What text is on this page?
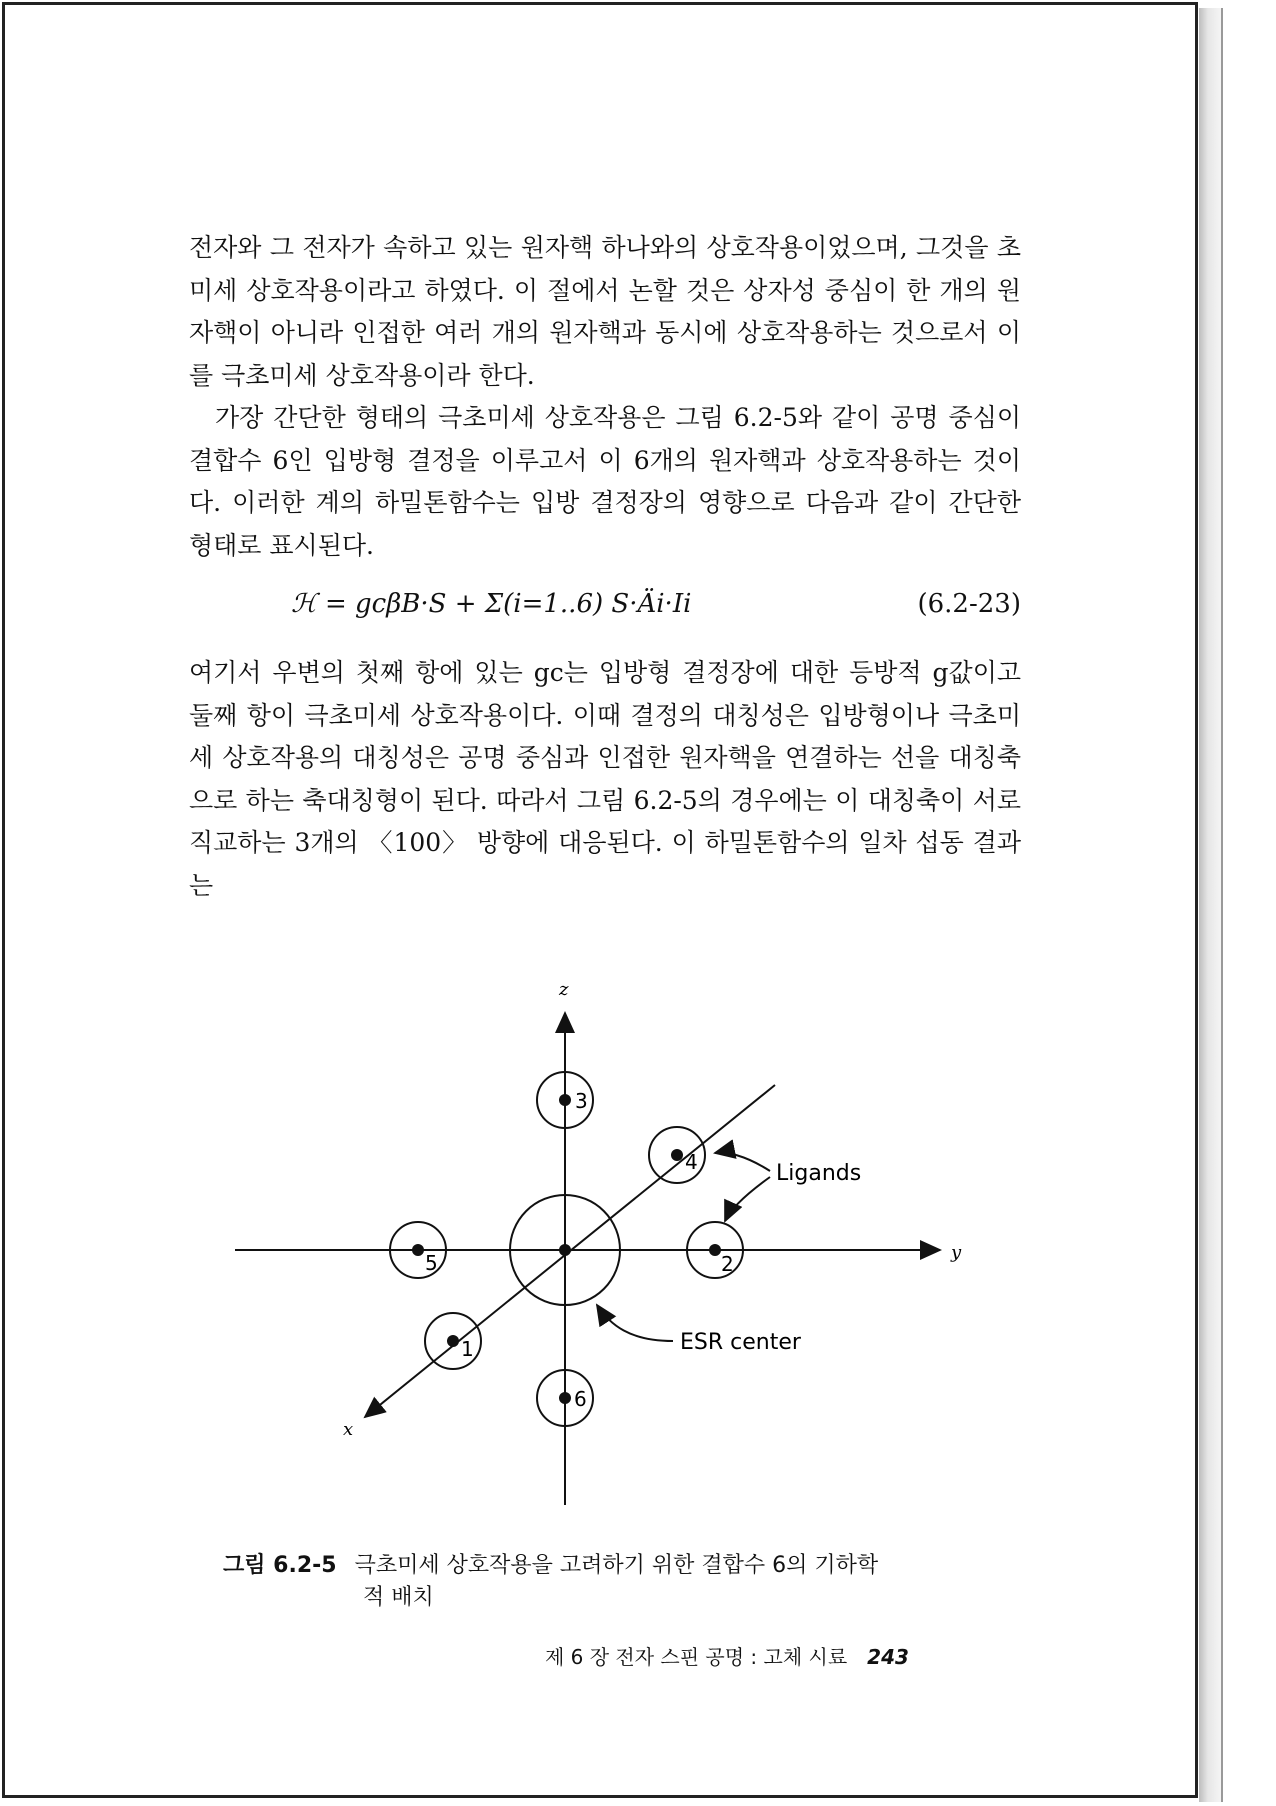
전자와 그 전자가 속하고 있는 원자핵 하나와의 상호작용이었으며, 그것을 초미세 상호작용이라고 하였다. 이 절에서 논할 것은 상자성 중심이 한 개의 원자핵이 아니라 인접한 여러 개의 원자핵과 동시에 상호작용하는 것으로서 이를 극초미세 상호작용이라 한다.

가장 간단한 형태의 극초미세 상호작용은 그림 6.2-5와 같이 공명 중심이 결합수 6인 입방형 결정을 이루고서 이 6개의 원자핵과 상호작용하는 것이다. 이러한 계의 하밀톤함수는 입방 결정장의 영향으로 다음과 같이 간단한 형태로 표시된다.

ℋ = gcβB·S + Σ(i=1..6) S·Äi·Ii	(6.2-23)

여기서 우변의 첫째 항에 있는 gc는 입방형 결정장에 대한 등방적 g값이고 둘째 항이 극초미세 상호작용이다. 이때 결정의 대칭성은 입방형이나 극초미세 상호작용의 대칭성은 공명 중심과 인접한 원자핵을 연결하는 선을 대칭축으로 하는 축대칭형이 된다. 따라서 그림 6.2-5의 경우에는 이 대칭축이 서로 직교하는 3개의 〈100〉 방향에 대응된다. 이 하밀톤함수의 일차 섭동 결과는

3
6
5	2
4
1
z
y
x
Ligands
ESR center
그림 6.2-5 극초미세 상호작용을 고려하기 위한 결합수 6의 기하학
적 배치
제 6 장 전자 스핀 공명 : 고체 시료 243
